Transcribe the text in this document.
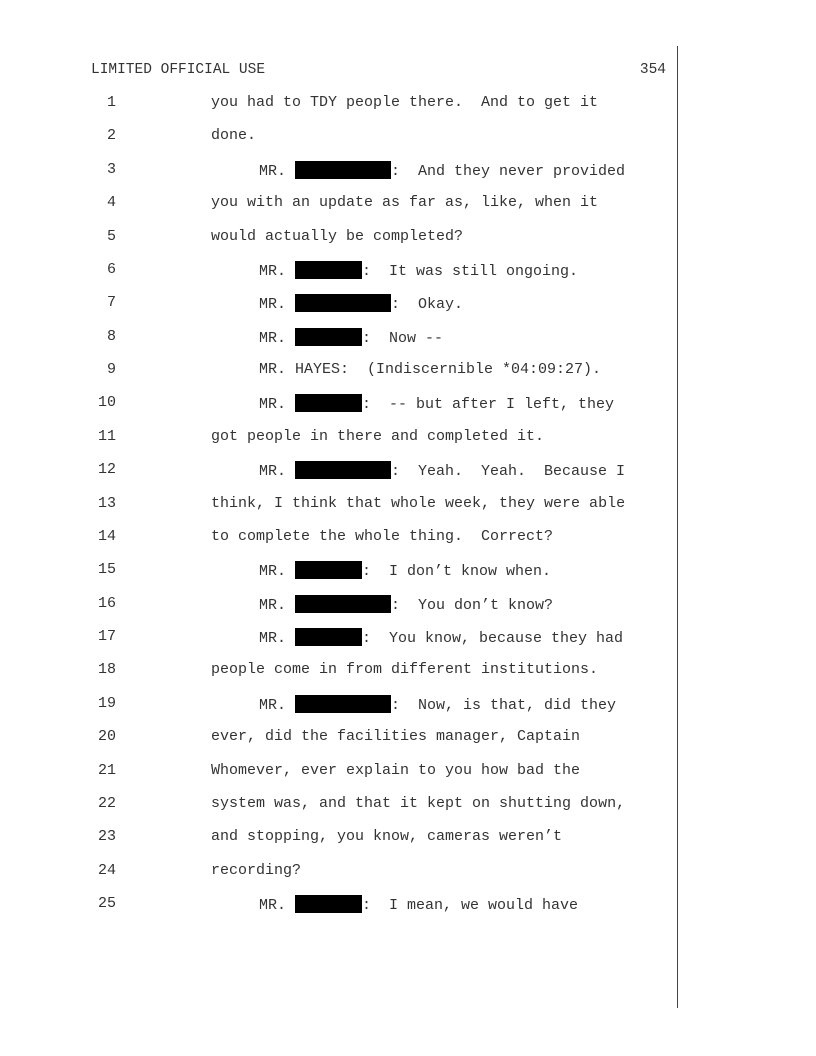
LIMITED OFFICIAL USE	354
1	you had to TDY people there.  And to get it
2	done.
3	MR.	:  And they never provided
4	you with an update as far as, like, when it
5	would actually be completed?
6	MR.	:  It was still ongoing.
7	MR.	:  Okay.
8	MR.	:  Now --
9	MR. HAYES:  (Indiscernible *04:09:27).
10	MR.	:  -- but after I left, they
11	got people in there and completed it.
12	MR.	:  Yeah.  Yeah.  Because I
13	think, I think that whole week, they were able
14	to complete the whole thing.  Correct?
15	MR.	:  I don’t know when.
16	MR.	:  You don’t know?
17	MR.	:  You know, because they had
18	people come in from different institutions.
19	MR.	:  Now, is that, did they
20	ever, did the facilities manager, Captain
21	Whomever, ever explain to you how bad the
22	system was, and that it kept on shutting down,
23	and stopping, you know, cameras weren’t
24	recording?
25	MR.	:  I mean, we would have
